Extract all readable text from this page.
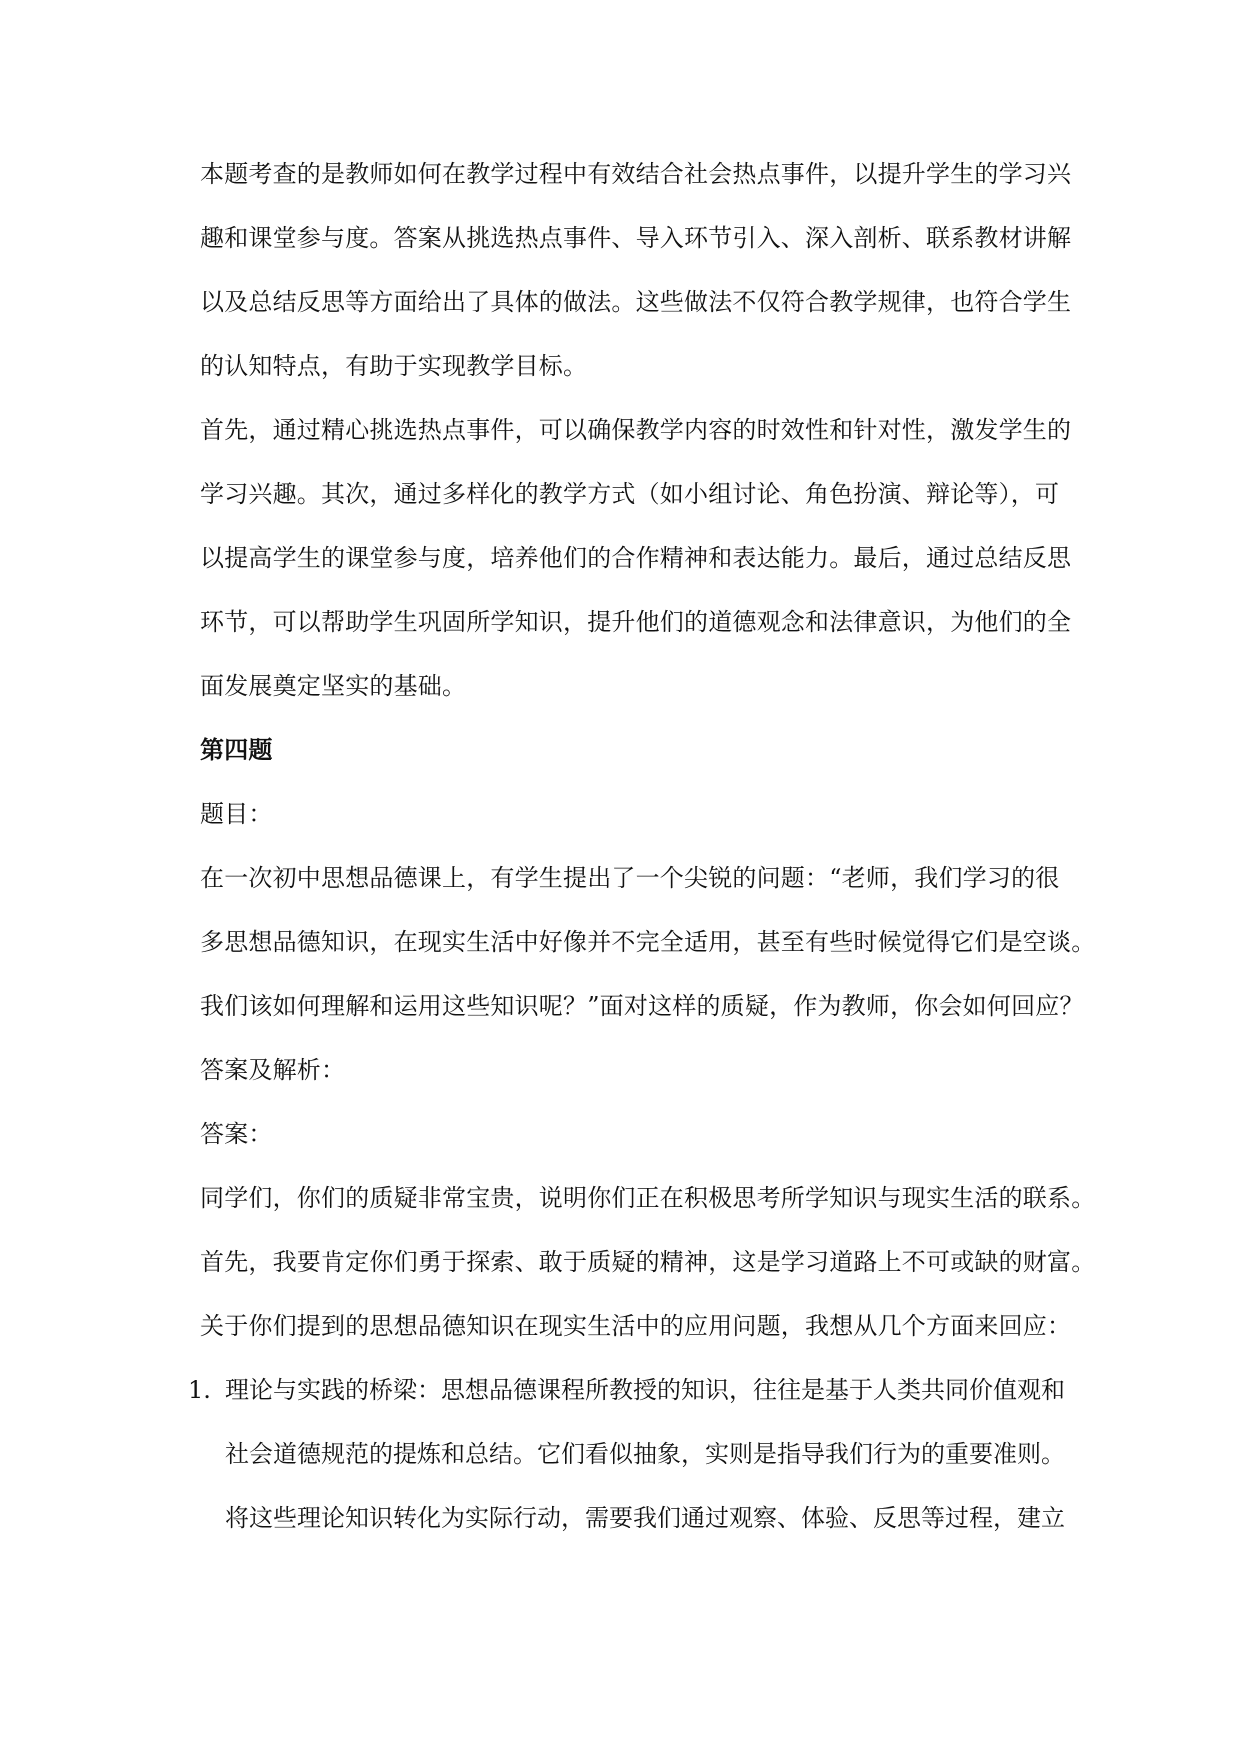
本题考查的是教师如何在教学过程中有效结合社会热点事件，以提升学生的学习兴
趣和课堂参与度。答案从挑选热点事件、导入环节引入、深入剖析、联系教材讲解
以及总结反思等方面给出了具体的做法。这些做法不仅符合教学规律，也符合学生
的认知特点，有助于实现教学目标。
首先，通过精心挑选热点事件，可以确保教学内容的时效性和针对性，激发学生的
学习兴趣。其次，通过多样化的教学方式（如小组讨论、角色扮演、辩论等），可
以提高学生的课堂参与度，培养他们的合作精神和表达能力。最后，通过总结反思
环节，可以帮助学生巩固所学知识，提升他们的道德观念和法律意识，为他们的全
面发展奠定坚实的基础。
第四题
题目：
在一次初中思想品德课上，有学生提出了一个尖锐的问题：“老师，我们学习的很
多思想品德知识，在现实生活中好像并不完全适用，甚至有些时候觉得它们是空谈。
我们该如何理解和运用这些知识呢？”面对这样的质疑，作为教师，你会如何回应？
答案及解析：
答案：
同学们，你们的质疑非常宝贵，说明你们正在积极思考所学知识与现实生活的联系。
首先，我要肯定你们勇于探索、敢于质疑的精神，这是学习道路上不可或缺的财富。
关于你们提到的思想品德知识在现实生活中的应用问题，我想从几个方面来回应：
1. 理论与实践的桥梁：思想品德课程所教授的知识，往往是基于人类共同价值观和
社会道德规范的提炼和总结。它们看似抽象，实则是指导我们行为的重要准则。
将这些理论知识转化为实际行动，需要我们通过观察、体验、反思等过程，建立
